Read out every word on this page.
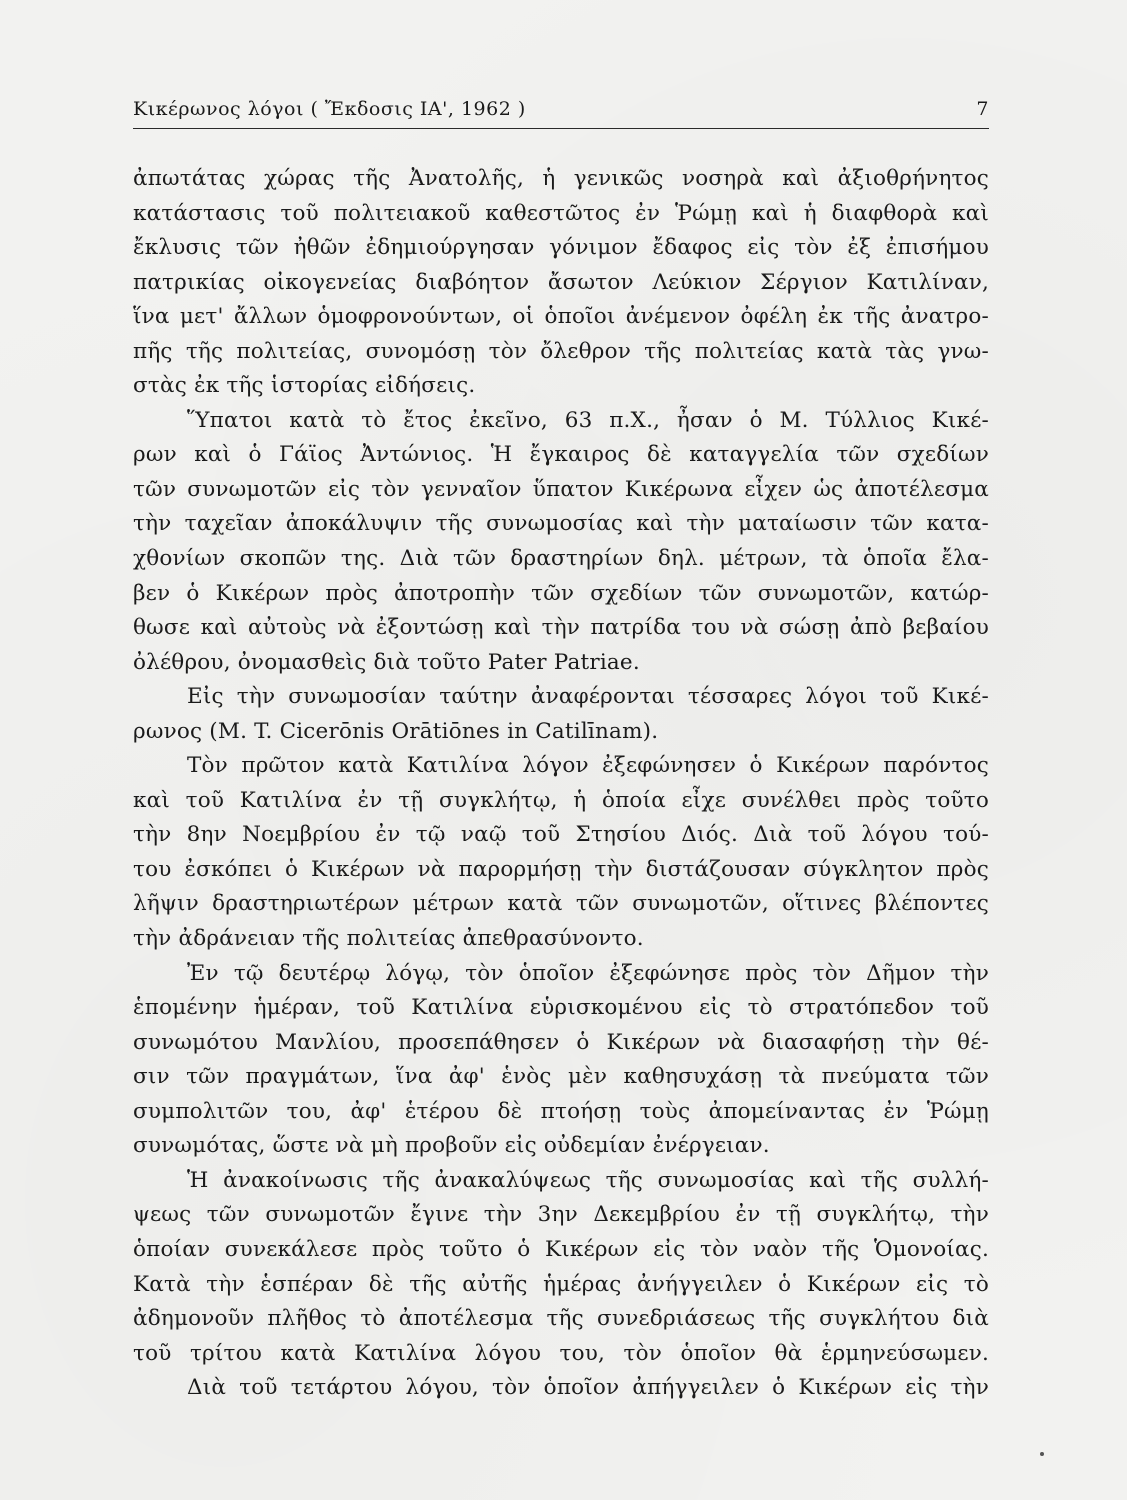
Κικέρωνος λόγοι ( Ἔκδοσις ΙΑ', 1962 )	7
ἀπωτάτας χώρας τῆς Ἀνατολῆς, ἡ γενικῶς νοσηρὰ καὶ ἀξιοθρήνητος
κατάστασις τοῦ πολιτειακοῦ καθεστῶτος ἐν Ῥώμῃ καὶ ἡ διαφθορὰ καὶ
ἔκλυσις τῶν ἠθῶν ἐδημιούργησαν γόνιμον ἔδαφος εἰς τὸν ἐξ ἐπισήμου
πατρικίας οἰκογενείας διαβόητον ἄσωτον Λεύκιον Σέργιον Κατιλίναν,
ἵνα μετ' ἄλλων ὁμοφρονούντων, οἱ ὁποῖοι ἀνέμενον ὀφέλη ἐκ τῆς ἀνατρο-
πῆς τῆς πολιτείας, συνομόσῃ τὸν ὄλεθρον τῆς πολιτείας κατὰ τὰς γνω-
στὰς ἐκ τῆς ἱστορίας εἰδήσεις.
Ὕπατοι κατὰ τὸ ἔτος ἐκεῖνο, 63 π.Χ., ἦσαν ὁ Μ. Τύλλιος Κικέ-
ρων καὶ ὁ Γάϊος Ἀντώνιος. Ἡ ἔγκαιρος δὲ καταγγελία τῶν σχεδίων
τῶν συνωμοτῶν εἰς τὸν γενναῖον ὕπατον Κικέρωνα εἶχεν ὡς ἀποτέλεσμα
τὴν ταχεῖαν ἀποκάλυψιν τῆς συνωμοσίας καὶ τὴν ματαίωσιν τῶν κατα-
χθονίων σκοπῶν της. Διὰ τῶν δραστηρίων δηλ. μέτρων, τὰ ὁποῖα ἔλα-
βεν ὁ Κικέρων πρὸς ἀποτροπὴν τῶν σχεδίων τῶν συνωμοτῶν, κατώρ-
θωσε καὶ αὐτοὺς νὰ ἐξοντώσῃ καὶ τὴν πατρίδα του νὰ σώσῃ ἀπὸ βεβαίου
ὀλέθρου, ὀνομασθεὶς διὰ τοῦτο Pater Patriae.
Εἰς τὴν συνωμοσίαν ταύτην ἀναφέρονται τέσσαρες λόγοι τοῦ Κικέ-
ρωνος (M. T. Cicerōnis Orātiōnes in Catilīnam).
Τὸν πρῶτον κατὰ Κατιλίνα λόγον ἐξεφώνησεν ὁ Κικέρων παρόντος
καὶ τοῦ Κατιλίνα ἐν τῇ συγκλήτῳ, ἡ ὁποία εἶχε συνέλθει πρὸς τοῦτο
τὴν 8ην Νοεμβρίου ἐν τῷ ναῷ τοῦ Στησίου Διός. Διὰ τοῦ λόγου τού-
του ἐσκόπει ὁ Κικέρων νὰ παρορμήσῃ τὴν διστάζουσαν σύγκλητον πρὸς
λῆψιν δραστηριωτέρων μέτρων κατὰ τῶν συνωμοτῶν, οἵτινες βλέποντες
τὴν ἀδράνειαν τῆς πολιτείας ἀπεθρασύνοντο.
Ἐν τῷ δευτέρῳ λόγῳ, τὸν ὁποῖον ἐξεφώνησε πρὸς τὸν Δῆμον τὴν
ἑπομένην ἡμέραν, τοῦ Κατιλίνα εὑρισκομένου εἰς τὸ στρατόπεδον τοῦ
συνωμότου Μανλίου, προσεπάθησεν ὁ Κικέρων νὰ διασαφήσῃ τὴν θέ-
σιν τῶν πραγμάτων, ἵνα ἀφ' ἑνὸς μὲν καθησυχάσῃ τὰ πνεύματα τῶν
συμπολιτῶν του, ἀφ' ἑτέρου δὲ πτοήσῃ τοὺς ἀπομείναντας ἐν Ῥώμῃ
συνωμότας, ὥστε νὰ μὴ προβοῦν εἰς οὐδεμίαν ἐνέργειαν.
Ἡ ἀνακοίνωσις τῆς ἀνακαλύψεως τῆς συνωμοσίας καὶ τῆς συλλή-
ψεως τῶν συνωμοτῶν ἔγινε τὴν 3ην Δεκεμβρίου ἐν τῇ συγκλήτῳ, τὴν
ὁποίαν συνεκάλεσε πρὸς τοῦτο ὁ Κικέρων εἰς τὸν ναὸν τῆς Ὁμονοίας.
Κατὰ τὴν ἑσπέραν δὲ τῆς αὐτῆς ἡμέρας ἀνήγγειλεν ὁ Κικέρων εἰς τὸ
ἀδημονοῦν πλῆθος τὸ ἀποτέλεσμα τῆς συνεδριάσεως τῆς συγκλήτου διὰ
τοῦ τρίτου κατὰ Κατιλίνα λόγου του, τὸν ὁποῖον θὰ ἑρμηνεύσωμεν.
Διὰ τοῦ τετάρτου λόγου, τὸν ὁποῖον ἀπήγγειλεν ὁ Κικέρων εἰς τὴν
